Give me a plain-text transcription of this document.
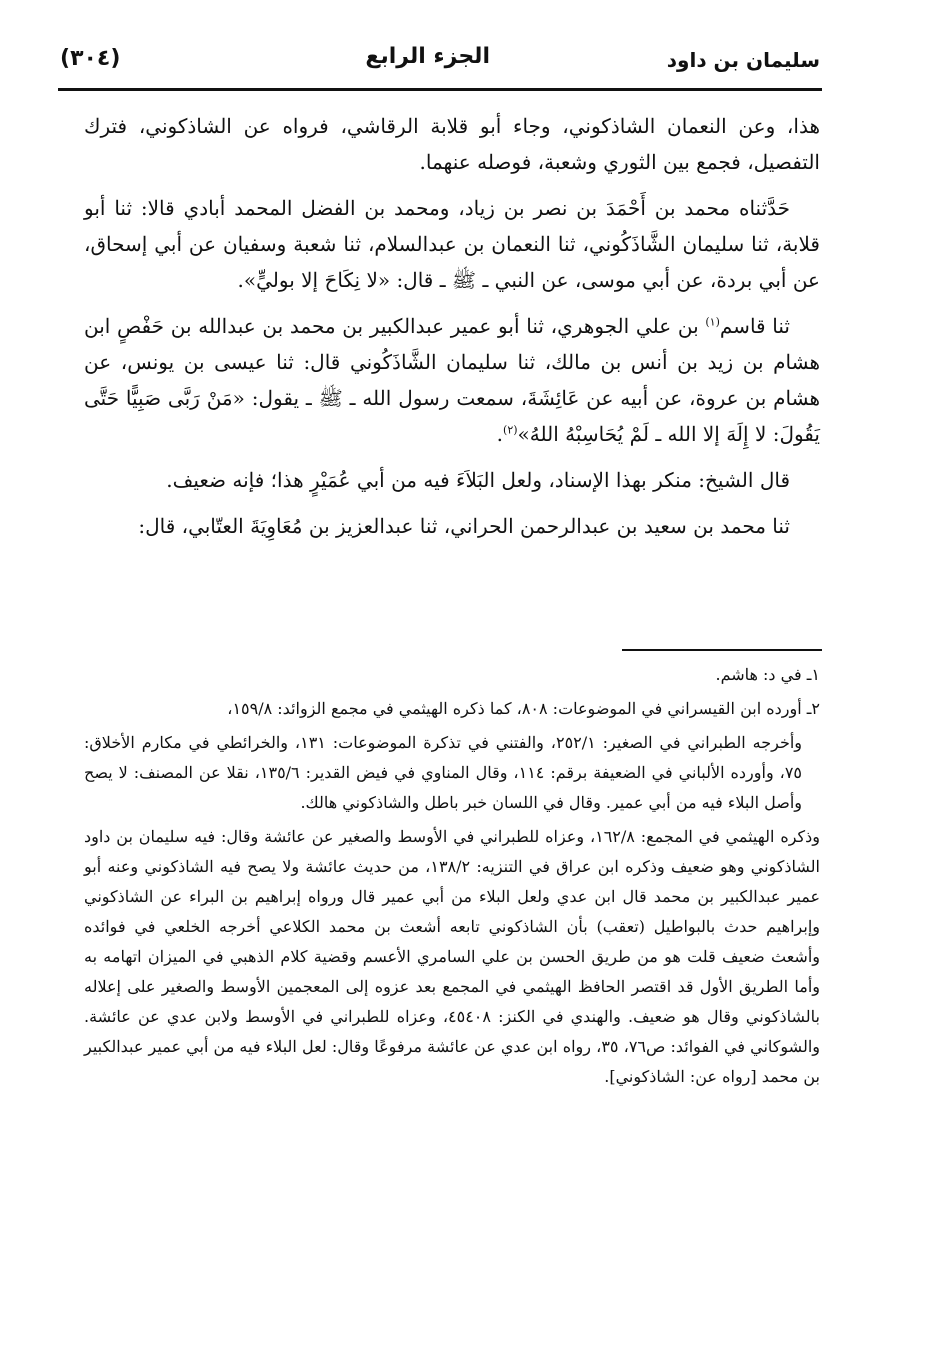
سليمان بن داود
الجزء الرابع
(٣٠٤)

هذا، وعن النعمان الشاذكوني، وجاء أبو قلابة الرقاشي، فرواه عن الشاذكوني، فترك التفصيل، فجمع بين الثوري وشعبة، فوصله عنهما.

حَدَّثناه محمد بن أَحْمَدَ بن نصر بن زياد، ومحمد بن الفضل المحمد أبادي قالا: ثنا أبو قلابة، ثنا سليمان الشَّاذَكُوني، ثنا النعمان بن عبدالسلام، ثنا شعبة وسفيان عن أبي إسحاق، عن أبي بردة، عن أبي موسى، عن النبي ـ ﷺ ـ قال: «لا نِكَاحَ إلا بوليٍّ».

ثنا قاسم$^{(١)}$ بن علي الجوهري، ثنا أبو عمير عبدالكبير بن محمد بن عبدالله بن حَفْصٍ ابن هشام بن زيد بن أنس بن مالك، ثنا سليمان الشَّاذَكُوني قال: ثنا عيسى بن يونس، عن هشام بن عروة، عن أبيه عن عَائِشَةَ، سمعت رسول الله ـ ﷺ ـ يقول: «مَنْ رَبَّى صَبِيًّا حَتَّى يَقُولَ: لا إِلَهَ إلا الله ـ لَمْ يُحَاسِبْهُ اللهُ»$^{(٢)}$.

قال الشيخ: منكر بهذا الإسناد، ولعل البَلاَءَ فيه من أبي عُمَيْرٍ هذا؛ فإنه ضعيف.

ثنا محمد بن سعيد بن عبدالرحمن الحراني، ثنا عبدالعزيز بن مُعَاوِيَةَ العتّابي، قال:

١ـ في د: هاشم.

٢ـ أورده ابن القيسراني في الموضوعات: ٨٠٨، كما ذكره الهيثمي في مجمع الزوائد: ١٥٩/٨،

وأخرجه الطبراني في الصغير: ٢٥٢/١، والفتني في تذكرة الموضوعات: ١٣١، والخرائطي في مكارم الأخلاق: ٧٥، وأورده الألباني في الضعيفة برقم: ١١٤، وقال المناوي في فيض القدير: ١٣٥/٦، نقلا عن المصنف: لا يصح وأصل البلاء فيه من أبي عمير. وقال في اللسان خبر باطل والشاذكوني هالك.

وذكره الهيثمي في المجمع: ١٦٢/٨، وعزاه للطبراني في الأوسط والصغير عن عائشة وقال: فيه سليمان بن داود الشاذكوني وهو ضعيف وذكره ابن عراق في التنزيه: ١٣٨/٢، من حديث عائشة ولا يصح فيه الشاذكوني وعنه أبو عمير عبدالكبير بن محمد قال ابن عدي ولعل البلاء من أبي عمير قال ورواه إبراهيم بن البراء عن الشاذكوني وإبراهيم حدث بالبواطيل (تعقب) بأن الشاذكوني تابعه أشعث بن محمد الكلاعي أخرجه الخلعي في فوائده وأشعث ضعيف قلت هو من طريق الحسن بن علي السامري الأعسم وقضية كلام الذهبي في الميزان اتهامه به وأما الطريق الأول قد اقتصر الحافظ الهيثمي في المجمع بعد عزوه إلى المعجمين الأوسط والصغير على إعلاله بالشاذكوني وقال هو ضعيف. والهندي في الكنز: ٤٥٤٠٨، وعزاه للطبراني في الأوسط ولابن عدي عن عائشة. والشوكاني في الفوائد: ص٧٦، ٣٥، رواه ابن عدي عن عائشة مرفوعًا وقال: لعل البلاء فيه من أبي عمير عبدالكبير بن محمد [رواه عن: الشاذكوني].
